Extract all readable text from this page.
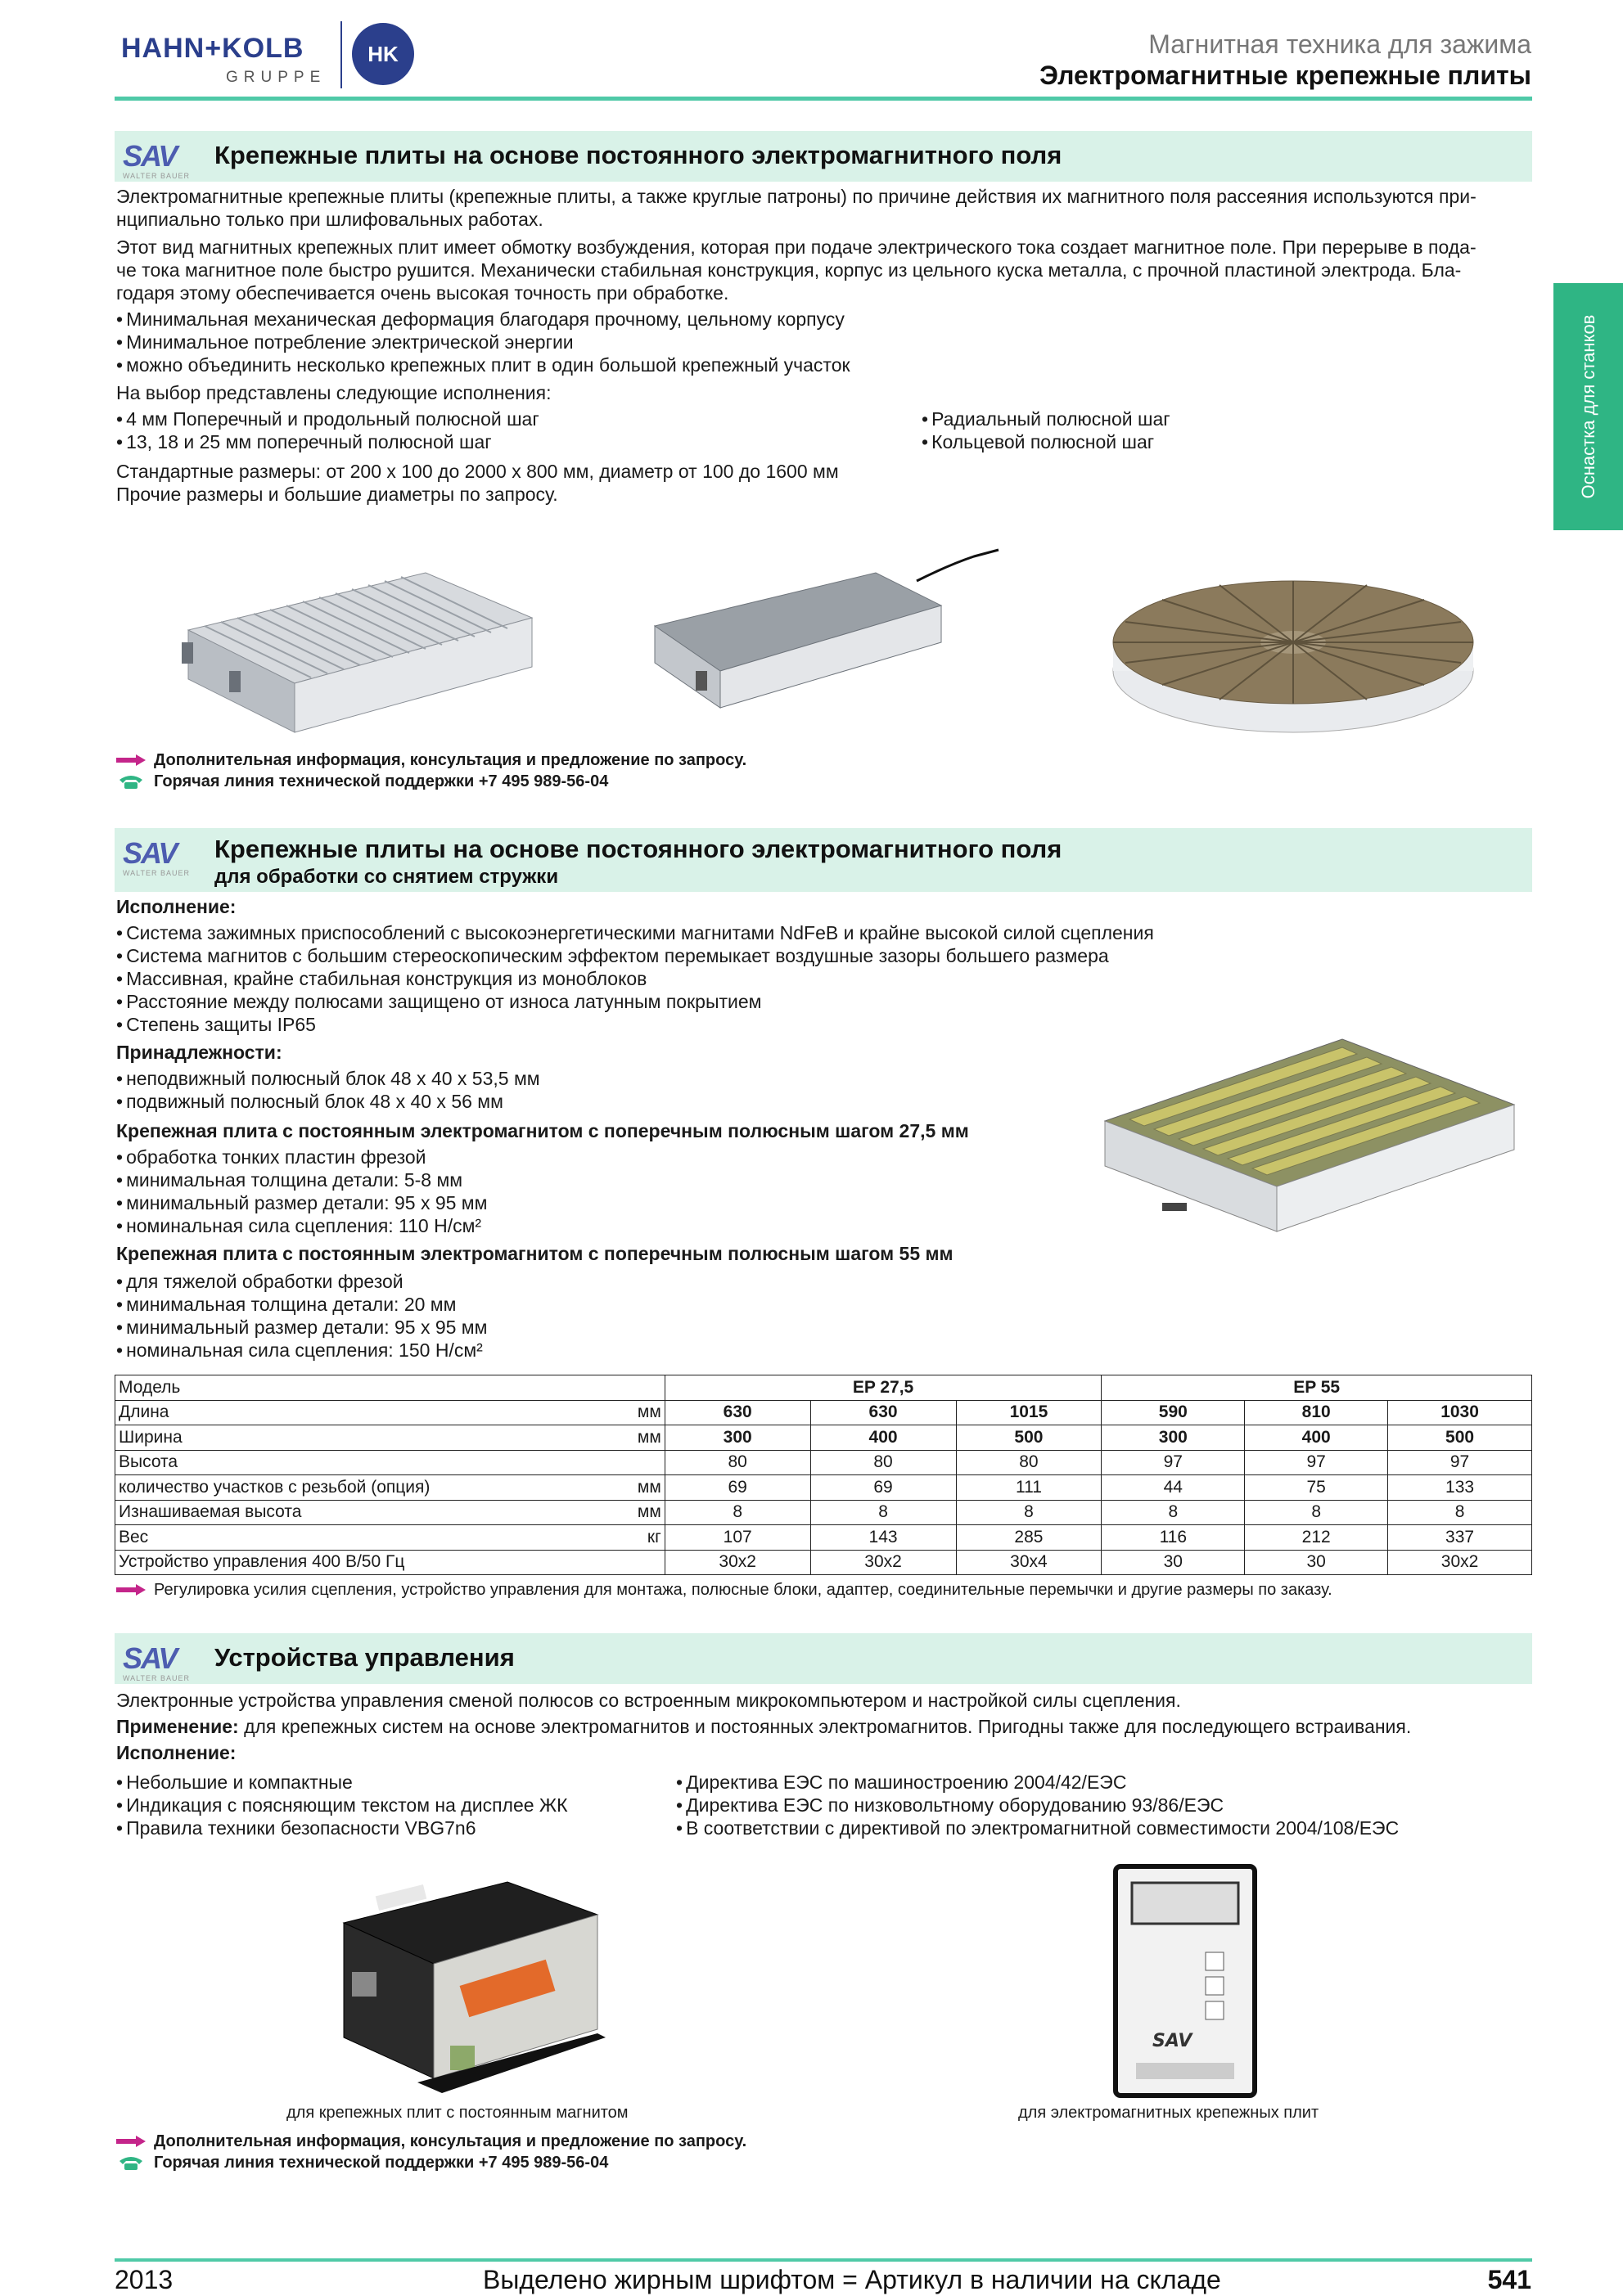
HAHN+KOLB
GRUPPE
HK	Магнитная техника для зажима
Электромагнитные крепежные плиты
Оснастка для станков
SAV
WALTER BAUER
Крепежные плиты на основе постоянного электромагнитного поля
Электромагнитные крепежные плиты (крепежные плиты, а также круглые патроны) по причине действия их магнитного поля рассеяния используются при-
нципиально только при шлифовальных работах.
Этот вид магнитных крепежных плит имеет обмотку возбуждения, которая при подаче электрического тока создает магнитное поле. При перерыве в пода-
че тока магнитное поле быстро рушится. Механически стабильная конструкция, корпус из цельного куска металла, с прочной пластиной электрода. Бла-
годаря этому обеспечивается очень высокая точность при обработке.
• Минимальная механическая деформация благодаря прочному, цельному корпусу
• Минимальное потребление электрической энергии
• можно объединить несколько крепежных плит в один большой крепежный участок
На выбор представлены следующие исполнения:
• 4 мм Поперечный и продольный полюсной шаг
• 13, 18 и 25 мм поперечный полюсной шаг
• Радиальный полюсной шаг
• Кольцевой полюсной шаг
Стандартные размеры: от 200 x 100 до 2000 x 800 мм, диаметр от 100 до 1600 мм
Прочие размеры и большие диаметры по запросу.
Дополнительная информация, консультация и предложение по запросу.
Горячая линия технической поддержки +7 495 989-56-04
SAV
WALTER BAUER
Крепежные плиты на основе постоянного электромагнитного поля
для обработки со снятием стружки
Исполнение:
• Система зажимных приспособлений с высокоэнергетическими магнитами NdFeB и крайне высокой силой сцепления
• Система магнитов с большим стереоскопическим эффектом перемыкает воздушные зазоры большего размера
• Массивная, крайне стабильная конструкция из моноблоков
• Расстояние между полюсами защищено от износа латунным покрытием
• Степень защиты IP65
Принадлежности:
• неподвижный полюсный блок 48 x 40 x 53,5 мм
• подвижный полюсный блок 48 x 40 x 56 мм
Крепежная плита с постоянным электромагнитом с поперечным полюсным шагом 27,5 мм
• обработка тонких пластин фрезой
• минимальная толщина детали: 5-8 мм
• минимальный размер детали: 95 x 95 мм
• номинальная сила сцепления: 110 Н/см²
Крепежная плита с постоянным электромагнитом с поперечным полюсным шагом 55 мм
• для тяжелой обработки фрезой
• минимальная толщина детали: 20 мм
• минимальный размер детали: 95 x 95 мм
• номинальная сила сцепления: 150 Н/см²
Модель		EP 27,5			EP 55		
Длина	мм	630	630	1015	590	810	1030
Ширина	мм	300	400	500	300	400	500
Высота		80	80	80	97	97	97
количество участков с резьбой (опция)	мм	69	69	111	44	75	133
Изнашиваемая высота	мм	8	8	8	8	8	8
Вес	кг	107	143	285	116	212	337
Устройство управления 400 В/50 Гц		30x2	30x2	30x4	30	30	30x2
Регулировка усилия сцепления, устройство управления для монтажа, полюсные блоки, адаптер, соединительные перемычки и другие размеры по заказу.
SAV
WALTER BAUER
Устройства управления
Электронные устройства управления сменой полюсов со встроенным микрокомпьютером и настройкой силы сцепления.
Применение: для крепежных систем на основе электромагнитов и постоянных электромагнитов. Пригодны также для последующего встраивания.
Исполнение:
• Небольшие и компактные
• Индикация с поясняющим текстом на дисплее ЖК
• Правила техники безопасности VBG7n6
• Директива ЕЭС по машиностроению 2004/42/ЕЭС
• Директива ЕЭС по низковольтному оборудованию 93/86/ЕЭС
• В соответствии с директивой по электромагнитной совместимости 2004/108/ЕЭС
SAV
для крепежных плит с постоянным магнитом	для электромагнитных крепежных плит
Дополнительная информация, консультация и предложение по запросу.
Горячая линия технической поддержки +7 495 989-56-04
2013	Выделено жирным шрифтом = Артикул в наличии на складе	541
